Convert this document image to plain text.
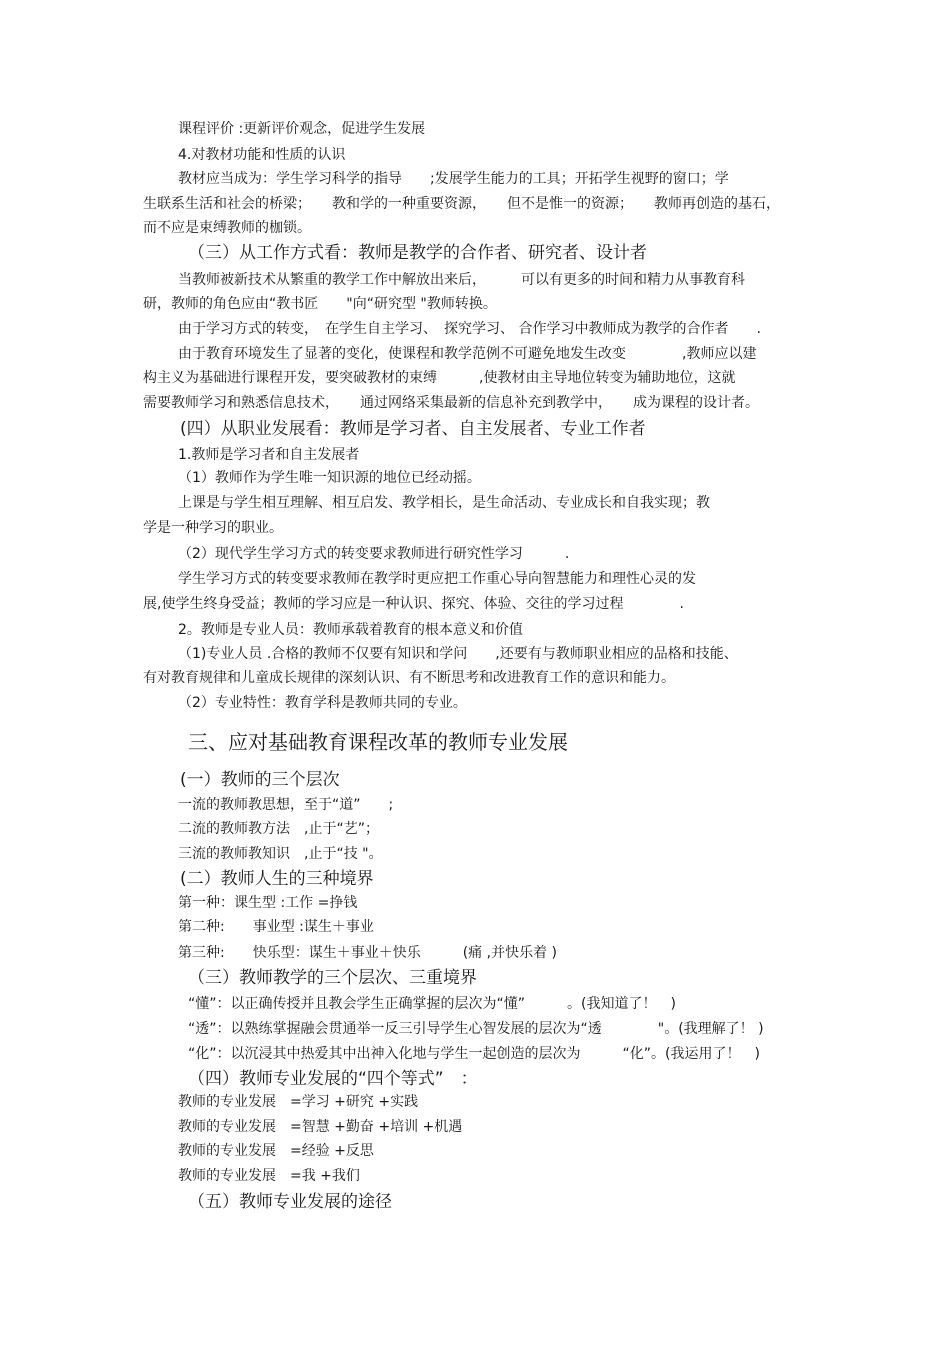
课程评价 :更新评价观念，促进学生发展
4.对教材功能和性质的认识
教材应当成为：学生学习科学的指导　　;发展学生能力的工具；开拓学生视野的窗口；学
生联系生活和社会的桥梁；　　教和学的一种重要资源，　　但不是惟一的资源；　　教师再创造的基石，
而不应是束缚教师的枷锁。
（三）从工作方式看：教师是教学的合作者、研究者、设计者
当教师被新技术从繁重的教学工作中解放出来后，　　　可以有更多的时间和精力从事教育科
研，教师的角色应由“教书匠　　"向“研究型 "教师转换。
由于学习方式的转变，　在学生自主学习、　探究学习、 合作学习中教师成为教学的合作者　　.
由于教育环境发生了显著的变化，使课程和教学范例不可避免地发生改变　　　　,教师应以建
构主义为基础进行课程开发，要突破教材的束缚　　　,使教材由主导地位转变为辅助地位，这就
需要教师学习和熟悉信息技术，　　通过网络采集最新的信息补充到教学中，　　成为课程的设计者。
(四）从职业发展看：教师是学习者、自主发展者、专业工作者
1.教师是学习者和自主发展者
（1）教师作为学生唯一知识源的地位已经动摇。
上课是与学生相互理解、相互启发、教学相长，是生命活动、专业成长和自我实现；教
学是一种学习的职业。
（2）现代学生学习方式的转变要求教师进行研究性学习　　　.
学生学习方式的转变要求教师在教学时更应把工作重心导向智慧能力和理性心灵的发
展,使学生终身受益；教师的学习应是一种认识、探究、体验、交往的学习过程　　　　.
2。教师是专业人员：教师承载着教育的根本意义和价值
（1)专业人员 .合格的教师不仅要有知识和学问　　,还要有与教师职业相应的品格和技能、
有对教育规律和儿童成长规律的深刻认识、有不断思考和改进教育工作的意识和能力。
（2）专业特性：教育学科是教师共同的专业。
三、应对基础教育课程改革的教师专业发展
(一）教师的三个层次
一流的教师教思想，至于“道”　　;
二流的教师教方法　,止于“艺”；
三流的教师教知识　,止于“技 "。
(二）教师人生的三种境界
第一种：课生型 :工作 =挣钱
第二种:　　事业型 :谋生＋事业
第三种:　　快乐型：谋生＋事业＋快乐　　　(痛 ,并快乐着 )
（三）教师教学的三个层次、三重境界
“懂”：以正确传授并且教会学生正确掌握的层次为“懂”　　　。(我知道了！　)
“透”：以熟练掌握融会贯通举一反三引导学生心智发展的层次为“透　　　　"。(我理解了！ )
“化”：以沉浸其中热爱其中出神入化地与学生一起创造的层次为　　　“化”。(我运用了！　)
（四）教师专业发展的“四个等式”　：
教师的专业发展　=学习 +研究 +实践
教师的专业发展　=智慧 +勤奋 +培训 +机遇
教师的专业发展　=经验 +反思
教师的专业发展　=我 +我们
（五）教师专业发展的途径
